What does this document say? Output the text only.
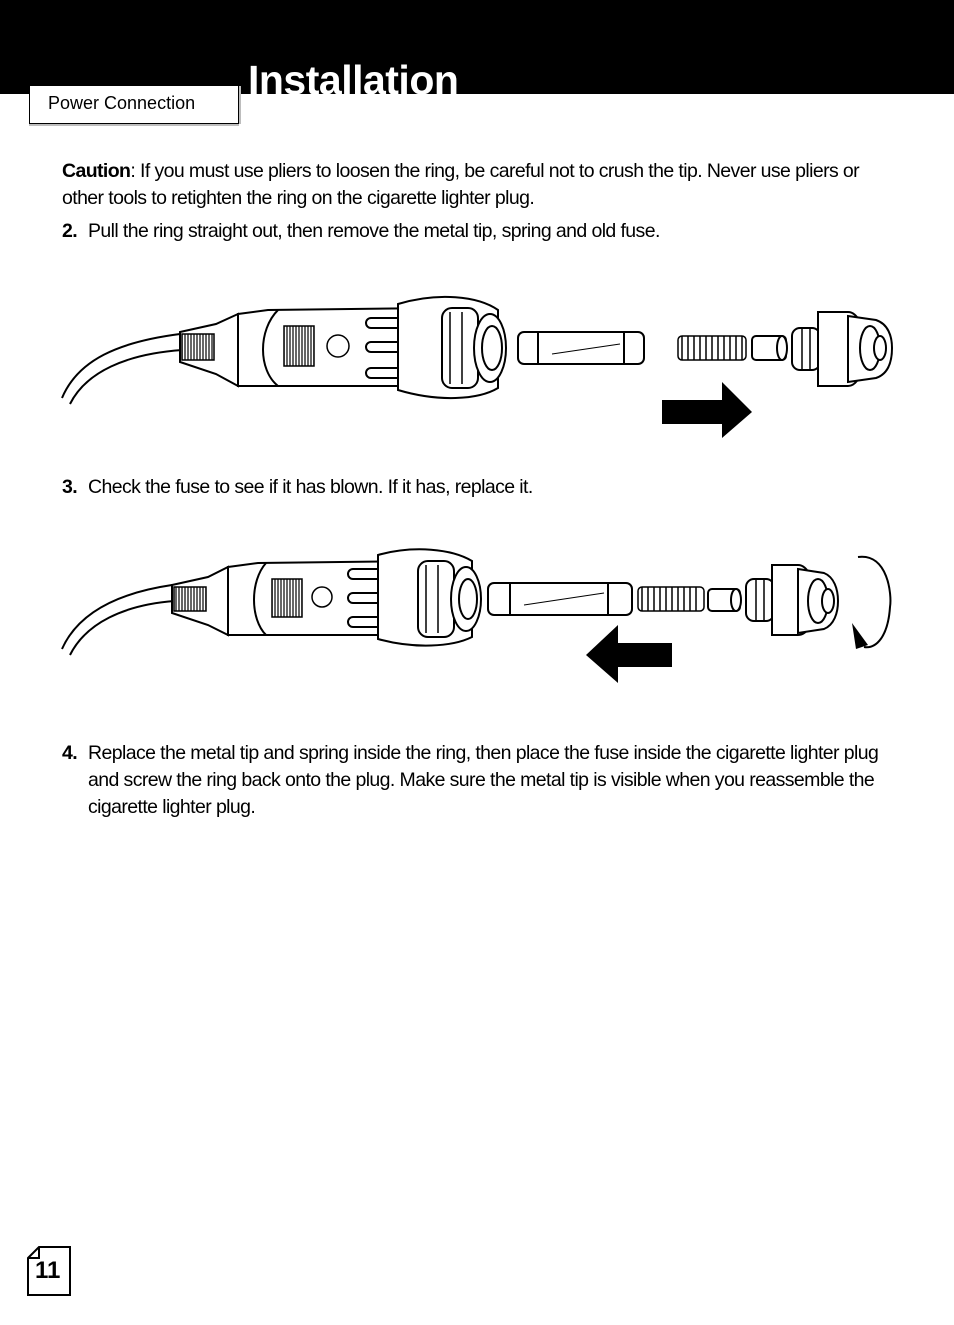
Installation
Power Connection
Caution: If you must use pliers to loosen the ring, be careful not to crush the tip. Never use pliers or other tools to retighten the ring on the cigarette lighter plug.
2. Pull the ring straight out, then remove the metal tip, spring and old fuse.
3. Check the fuse to see if it has blown. If it has, replace it.
4. Replace the metal tip and spring inside the ring, then place the fuse inside the cigarette lighter plug and screw the ring back onto the plug. Make sure the metal tip is visible when you reassemble the cigarette lighter plug.
11
